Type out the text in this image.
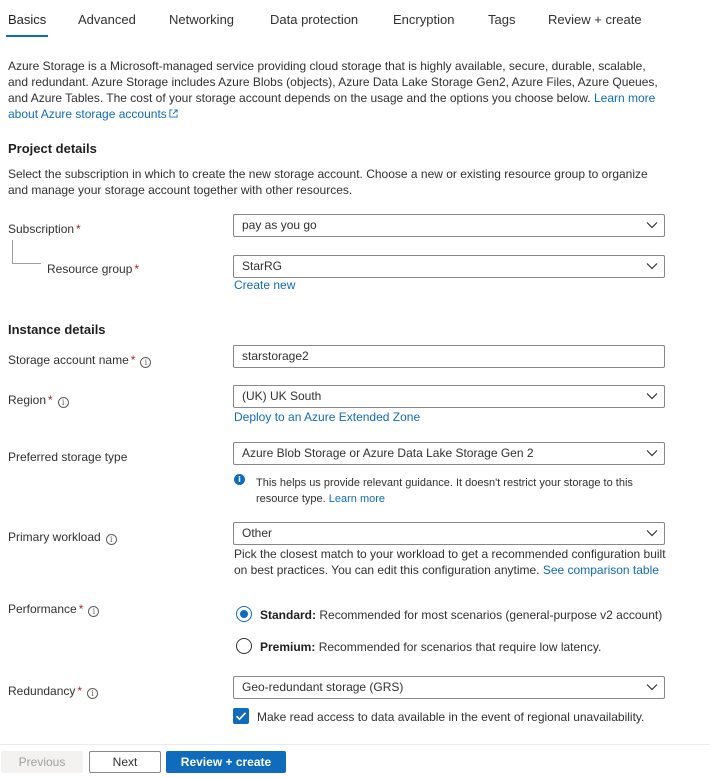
Basics Advanced	Networking	Data protection	Encryption	Tags	Review + create
Azure Storage is a Microsoft-managed service providing cloud storage that is highly available, secure, durable, scalable, and redundant. Azure Storage includes Azure Blobs (objects), Azure Data Lake Storage Gen2, Azure Files, Azure Queues, and Azure Tables. The cost of your storage account depends on the usage and the options you choose below. Learn more about Azure storage accounts
Project details
Select the subscription in which to create the new storage account. Choose a new or existing resource group to organize and manage your storage account together with other resources.
Subscription *	pay as you go
Resource group *	StarRG
Create new
Instance details
Storage account name * i	starstorage2
Region * i	(UK) UK South
Deploy to an Azure Extended Zone
Preferred storage type	Azure Blob Storage or Azure Data Lake Storage Gen 2
i	This helps us provide relevant guidance. It doesn't restrict your storage to this resource type. Learn more
Primary workload i	Other
Pick the closest match to your workload to get a recommended configuration built on best practices. You can edit this configuration anytime. See comparison table
Performance * i	Standard: Recommended for most scenarios (general-purpose v2 account)
Premium: Recommended for scenarios that require low latency.
Redundancy * i	Geo-redundant storage (GRS)
Make read access to data available in the event of regional unavailability.
Previous	Next	Review + create
